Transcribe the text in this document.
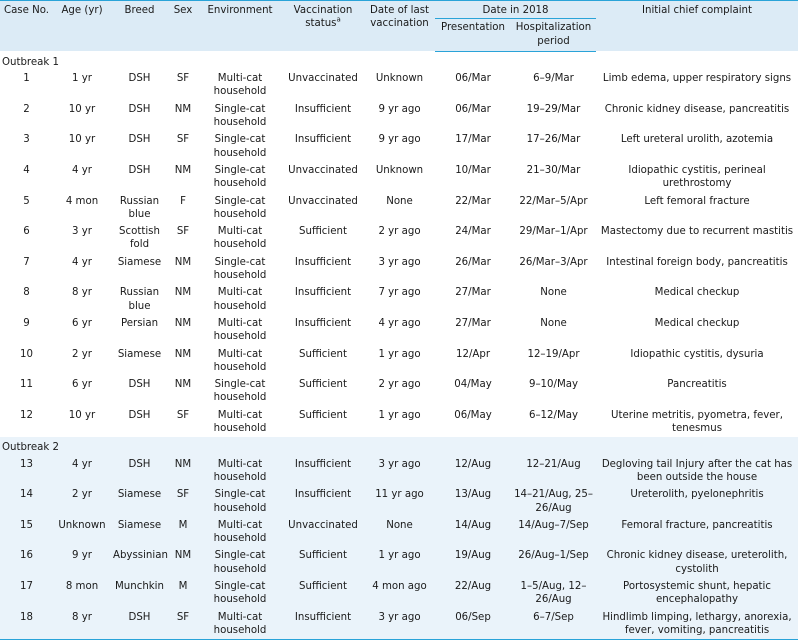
Case No.	Age (yr)	Breed	Sex	Environment	Vaccination status$^a$	Date of last vaccination	Date in 2018		Initial chief complaint
							Presentation	Hospitalization period	
Outbreak 1									
1	1 yr	DSH	SF	Multi-cat household	Unvaccinated	Unknown	06/Mar	6–9/Mar	Limb edema, upper respiratory signs
2	10 yr	DSH	NM	Single-cat household	Insufficient	9 yr ago	06/Mar	19–29/Mar	Chronic kidney disease, pancreatitis
3	10 yr	DSH	SF	Single-cat household	Insufficient	9 yr ago	17/Mar	17–26/Mar	Left ureteral urolith, azotemia
4	4 yr	DSH	NM	Single-cat household	Unvaccinated	Unknown	10/Mar	21–30/Mar	Idiopathic cystitis, perineal urethrostomy
5	4 mon	Russian blue	F	Single-cat household	Unvaccinated	None	22/Mar	22/Mar–5/Apr	Left femoral fracture
6	3 yr	Scottish fold	SF	Multi-cat household	Sufficient	2 yr ago	24/Mar	29/Mar–1/Apr	Mastectomy due to recurrent mastitis
7	4 yr	Siamese	NM	Single-cat household	Insufficient	3 yr ago	26/Mar	26/Mar–3/Apr	Intestinal foreign body, pancreatitis
8	8 yr	Russian blue	NM	Multi-cat household	Insufficient	7 yr ago	27/Mar	None	Medical checkup
9	6 yr	Persian	NM	Multi-cat household	Insufficient	4 yr ago	27/Mar	None	Medical checkup
10	2 yr	Siamese	NM	Multi-cat household	Sufficient	1 yr ago	12/Apr	12–19/Apr	Idiopathic cystitis, dysuria
11	6 yr	DSH	NM	Single-cat household	Sufficient	2 yr ago	04/May	9–10/May	Pancreatitis
12	10 yr	DSH	SF	Multi-cat household	Sufficient	1 yr ago	06/May	6–12/May	Uterine metritis, pyometra, fever, tenesmus
Outbreak 2									
13	4 yr	DSH	NM	Multi-cat household	Insufficient	3 yr ago	12/Aug	12–21/Aug	Degloving tail Injury after the cat has been outside the house
14	2 yr	Siamese	SF	Single-cat household	Insufficient	11 yr ago	13/Aug	14–21/Aug, 25–26/Aug	Ureterolith, pyelonephritis
15	Unknown	Siamese	M	Multi-cat household	Unvaccinated	None	14/Aug	14/Aug–7/Sep	Femoral fracture, pancreatitis
16	9 yr	Abyssinian	NM	Single-cat household	Sufficient	1 yr ago	19/Aug	26/Aug–1/Sep	Chronic kidney disease, ureterolith, cystolith
17	8 mon	Munchkin	M	Single-cat household	Sufficient	4 mon ago	22/Aug	1–5/Aug, 12–26/Aug	Portosystemic shunt, hepatic encephalopathy
18	8 yr	DSH	SF	Multi-cat household	Insufficient	3 yr ago	06/Sep	6–7/Sep	Hindlimb limping, lethargy, anorexia, fever, vomiting, pancreatitis
